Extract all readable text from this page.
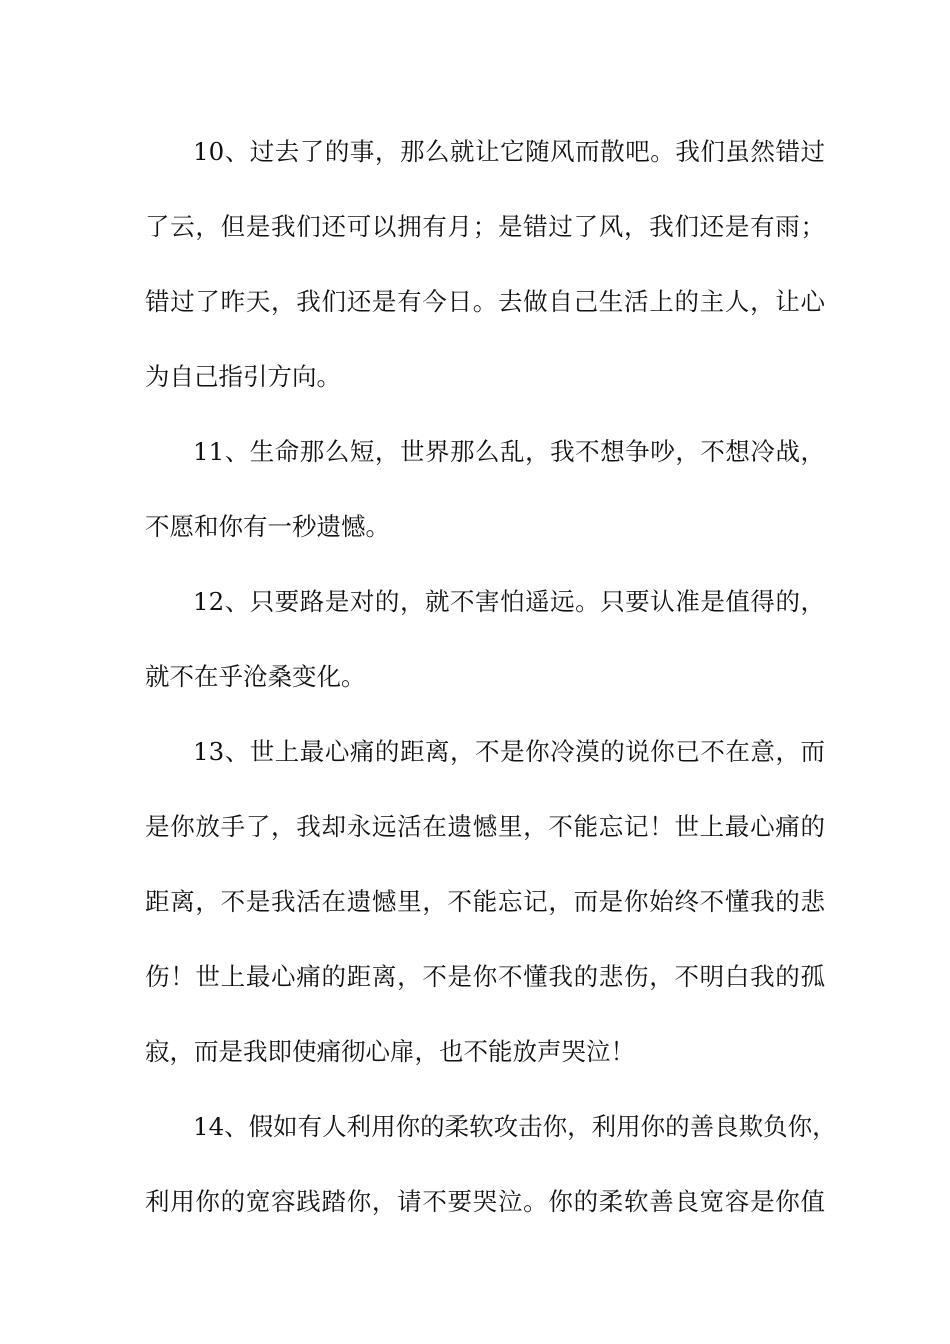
10、过去了的事，那么就让它随风而散吧。我们虽然错过
了云，但是我们还可以拥有月；是错过了风，我们还是有雨；
错过了昨天，我们还是有今日。去做自己生活上的主人，让心
为自己指引方向。
11、生命那么短，世界那么乱，我不想争吵，不想冷战，
不愿和你有一秒遗憾。
12、只要路是对的，就不害怕遥远。只要认准是值得的，
就不在乎沧桑变化。
13、世上最心痛的距离，不是你冷漠的说你已不在意，而
是你放手了，我却永远活在遗憾里，不能忘记！世上最心痛的
距离，不是我活在遗憾里，不能忘记，而是你始终不懂我的悲
伤！世上最心痛的距离，不是你不懂我的悲伤，不明白我的孤
寂，而是我即使痛彻心扉，也不能放声哭泣！
14、假如有人利用你的柔软攻击你，利用你的善良欺负你，
利用你的宽容践踏你，请不要哭泣。你的柔软善良宽容是你值
